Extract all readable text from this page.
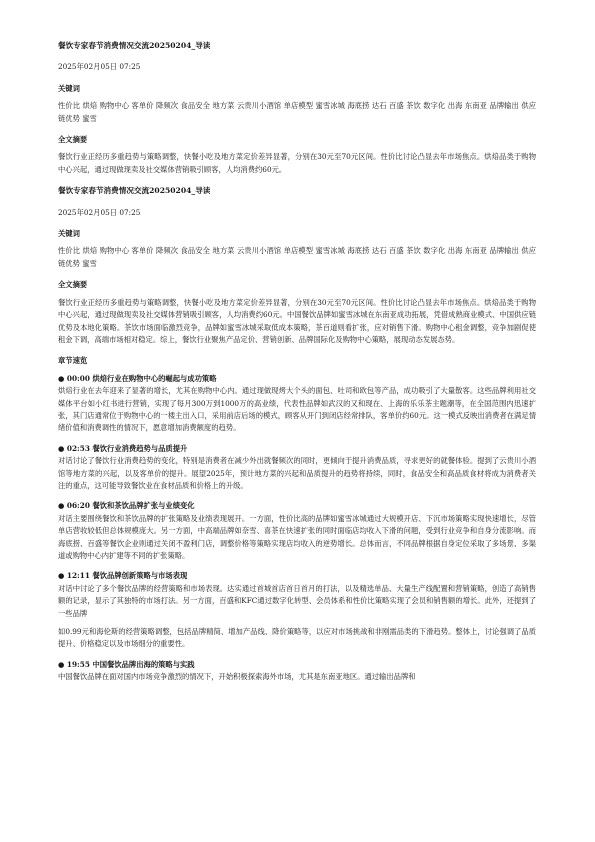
餐饮专家春节消费情况交流20250204_导读
2025年02月05日 07:25
关键词
性价比 烘焙 购物中心 客单价 降频次 食品安全 地方菜 云贵川小酒馆 单店模型 蜜雪冰城 海底捞 达石 百盛 茶饮 数字化 出海 东南亚 品牌输出 供应链优势 蜜雪
全文摘要
餐饮行业正经历多重趋势与策略调整，快餐小吃及地方菜定价差异显著，分别在30元至70元区间。性价比讨论凸显去年市场焦点。烘焙品类于购物中心兴起，通过现做现卖及社交媒体营销吸引顾客，人均消费约60元。
餐饮专家春节消费情况交流20250204_导读
2025年02月05日 07:25
关键词
性价比 烘焙 购物中心 客单价 降频次 食品安全 地方菜 云贵川小酒馆 单店模型 蜜雪冰城 海底捞 达石 百盛 茶饮 数字化 出海 东南亚 品牌输出 供应链优势 蜜雪
全文摘要
餐饮行业正经历多重趋势与策略调整，快餐小吃及地方菜定价差异显著，分别在30元至70元区间。性价比讨论凸显去年市场焦点。烘焙品类于购物中心兴起，通过现做现卖及社交媒体营销吸引顾客，人均消费约60元。中国餐饮品牌如蜜雪冰城在东南亚成功拓展，凭借成熟商业模式、中国供应链优势及本地化策略。茶饮市场面临激烈竞争，品牌如蜜雪冰城采取低成本策略，茶百道则看扩张，应对销售下滑。购物中心租金调整，竞争加剧促使租金下调，高端市场相对稳定。综上，餐饮行业聚焦产品定价、营销创新、品牌国际化及购物中心策略，展现动态发展态势。
章节速览
● 00:00 烘焙行业在购物中心的崛起与成功策略
烘焙行业在去年迎来了显著的增长，尤其在购物中心内。通过现做现烤大个头的面包、吐司和欧包等产品，成功吸引了大量散客。这些品牌利用社交媒体平台如小红书进行营销，实现了每月300万到1000万的高业绩，代表性品牌如武汉的又和现在、上海的乐乐茶主题潮等，在全国范围内迅速扩张，其门店通常位于购物中心的一楼主出入口，采用前店后场的模式，顾客从开门到闭店经常排队，客单价约60元。这一模式反映出消费者在满足情绪价值和消费调性的情况下，愿意增加消费额度的趋势。
● 02:53 餐饮行业消费趋势与品质提升
对话讨论了餐饮行业消费趋势的变化，特别是消费者在减少外出就餐频次的同时，更倾向于提升消费品质，寻求更好的就餐体验。提到了云贵川小酒馆等地方菜的兴起，以及客单价的提升。展望2025年，预计地方菜的兴起和品质提升的趋势将持续，同时，食品安全和高品质食材将成为消费者关注的重点，这可能导致餐饮业在食材品质和价格上的升级。
● 06:20 餐饮和茶饮品牌扩张与业绩变化
对话主要围绕餐饮和茶饮品牌的扩张策略及业绩表现展开。一方面，性价比高的品牌如蜜雪冰城通过大规模开店、下沉市场策略实现快速增长，尽管单店营收较低但总体规模庞大。另一方面，中高端品牌如奈雪、喜茶在快速扩张的同时面临店均收入下滑的问题，受到行业竞争和自身分流影响。而海底捞、百盛等餐饮企业则通过关闭不盈利门店，调整价格等策略实现店均收入的逆势增长。总体而言，不同品牌根据自身定位采取了多场景、多渠道或购物中心内扩建等不同的扩张策略。
● 12:11 餐饮品牌创新策略与市场表现
对话中讨论了多个餐饮品牌的经营策略和市场表现。达实通过首城首店首日首月的打法，以及精选单品、大量生产线配置和营销策略，创造了高销售额的记录，显示了其独特的市场打法。另一方面，百盛和KFC通过数字化转型、会员体系和性价比策略实现了会员和销售额的增长。此外，还提到了一些品牌
如0.99元和海伦斯的经营策略调整，包括品牌精简、增加产品线、降价策略等，以应对市场挑战和非刚需品类的下滑趋势。整体上，讨论强调了品质提升、价格稳定以及市场细分的重要性。
● 19:55 中国餐饮品牌出海的策略与实践
中国餐饮品牌在面对国内市场竞争激烈的情况下，开始积极探索海外市场，尤其是东南亚地区。通过输出品牌和
